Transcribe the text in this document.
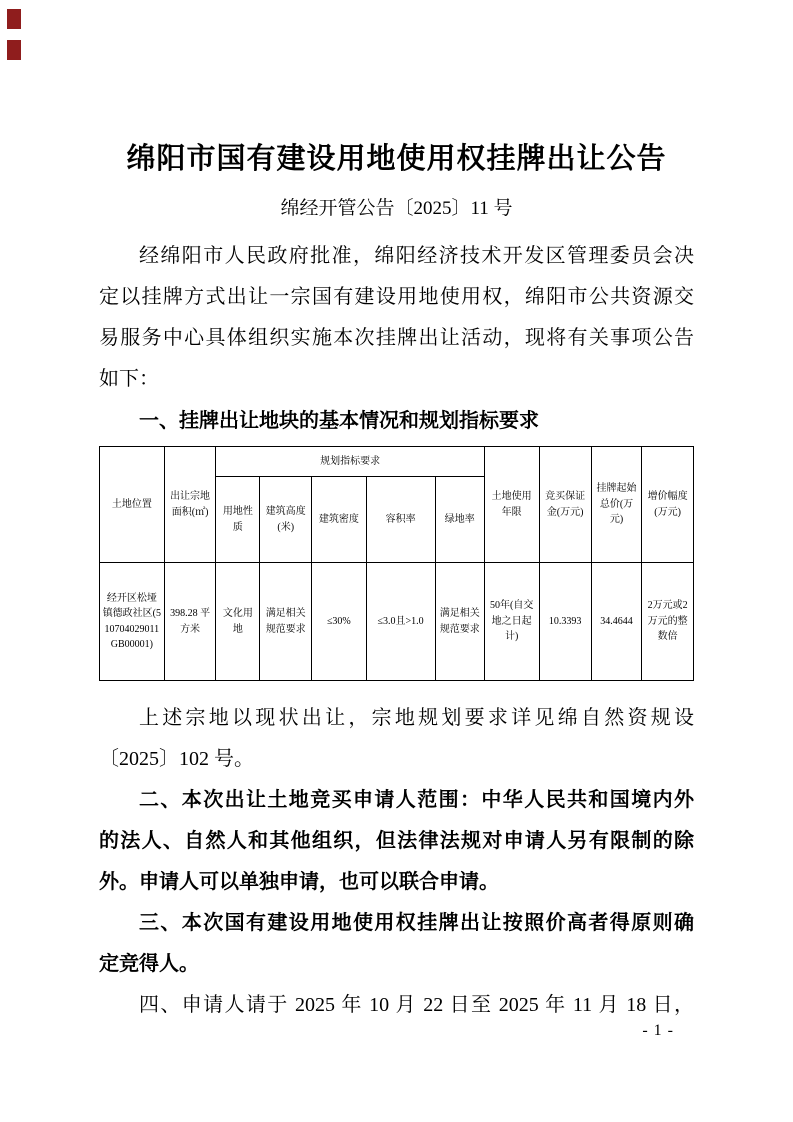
绵阳市国有建设用地使用权挂牌出让公告
绵经开管公告〔2025〕11 号
经绵阳市人民政府批准，绵阳经济技术开发区管理委员会决
定以挂牌方式出让一宗国有建设用地使用权，绵阳市公共资源交
易服务中心具体组织实施本次挂牌出让活动，现将有关事项公告
如下：
一、挂牌出让地块的基本情况和规划指标要求
土地位置	出让宗地面积(㎡)	规划指标要求					土地使用年限	竞买保证金(万元)	挂牌起始总价(万元)	增价幅度(万元)
		用地性质	建筑高度(米)	建筑密度	容积率	绿地率				
经开区松垭镇德政社区(510704029011GB00001)	398.28 平方米	文化用地	满足相关规范要求	≤30%	≤3.0且>1.0	满足相关规范要求	50年(自交地之日起计)	10.3393	34.4644	2万元或2万元的整数倍
上述宗地以现状出让，宗地规划要求详见绵自然资规设
〔2025〕102 号。
二、本次出让土地竞买申请人范围：中华人民共和国境内外
的法人、自然人和其他组织，但法律法规对申请人另有限制的除
外。申请人可以单独申请，也可以联合申请。
三、本次国有建设用地使用权挂牌出让按照价高者得原则确
定竞得人。
四、申请人请于 2025 年 10 月 22 日至 2025 年 11 月 18 日，
- 1 -
